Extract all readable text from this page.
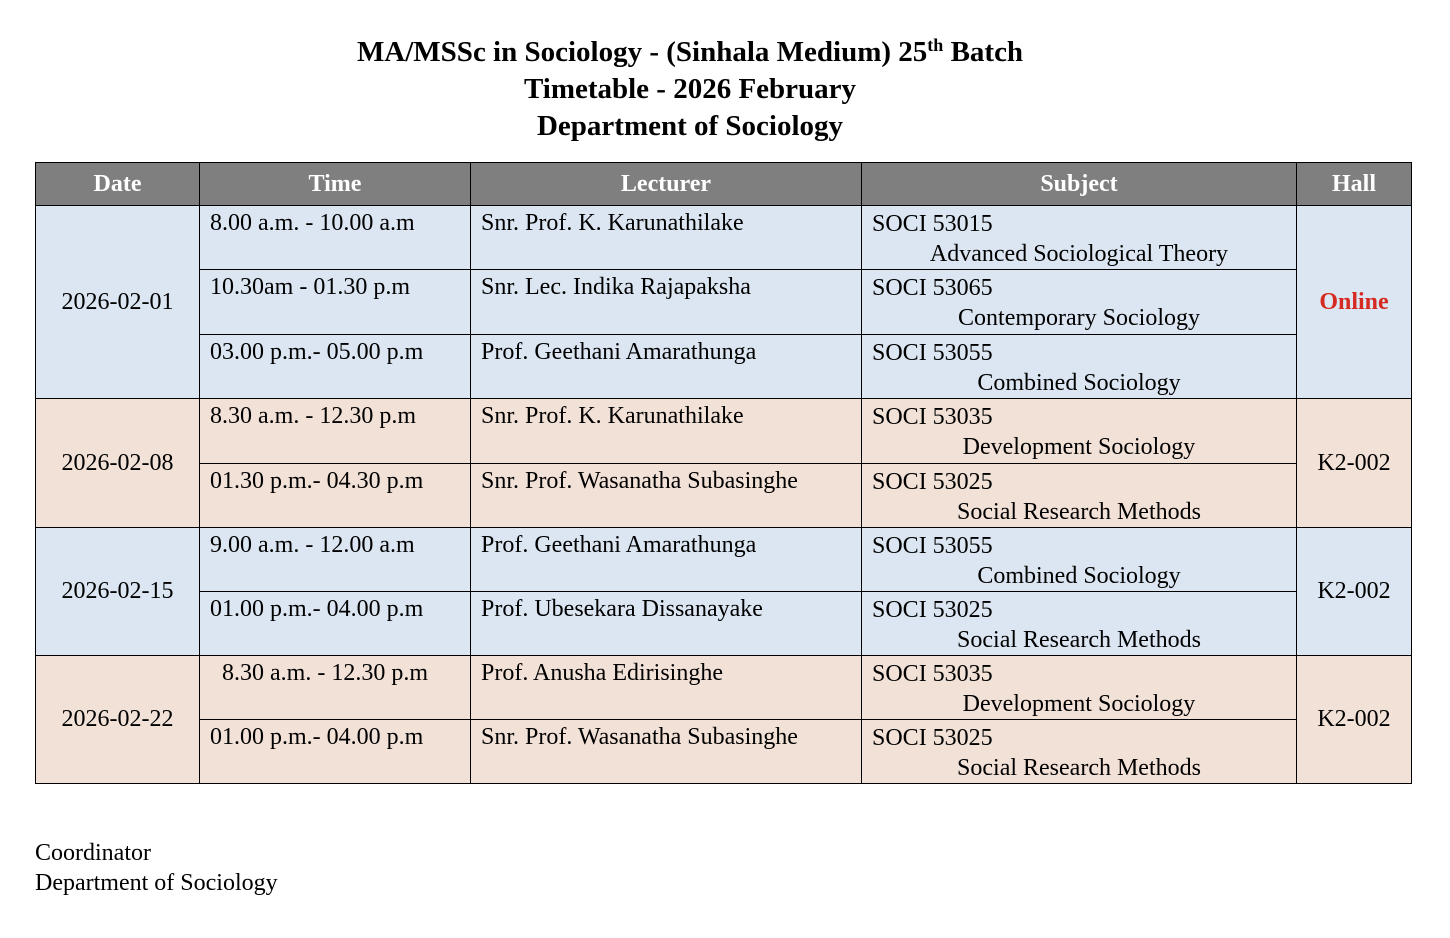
MA/MSSc in Sociology - (Sinhala Medium) 25th Batch
Timetable - 2026 February
Department of Sociology
Date	Time	Lecturer	Subject	Hall
2026-02-01	8.00 a.m. - 10.00 a.m	Snr. Prof. K. Karunathilake	SOCI 53015
Advanced Sociological Theory	Online
	10.30am - 01.30 p.m	Snr. Lec. Indika Rajapaksha	SOCI 53065
Contemporary Sociology	

	03.00 p.m.- 05.00 p.m	Prof. Geethani Amarathunga	SOCI 53055
Combined Sociology	

2026-02-08	8.30 a.m. - 12.30 p.m	Snr. Prof. K. Karunathilake	SOCI 53035
Development Sociology	K2-002
	01.30 p.m.- 04.30 p.m	Snr. Prof. Wasanatha Subasinghe	SOCI 53025
Social Research Methods	

2026-02-15	9.00 a.m. - 12.00 a.m	Prof. Geethani Amarathunga	SOCI 53055
Combined Sociology	K2-002
	01.00 p.m.- 04.00 p.m	Prof. Ubesekara Dissanayake	SOCI 53025
Social Research Methods	

2026-02-22	8.30 a.m. - 12.30 p.m	Prof. Anusha Edirisinghe	SOCI 53035
Development Sociology	K2-002
	01.00 p.m.- 04.00 p.m	Snr. Prof. Wasanatha Subasinghe	SOCI 53025
Social Research Methods	
Coordinator
Department of Sociology
